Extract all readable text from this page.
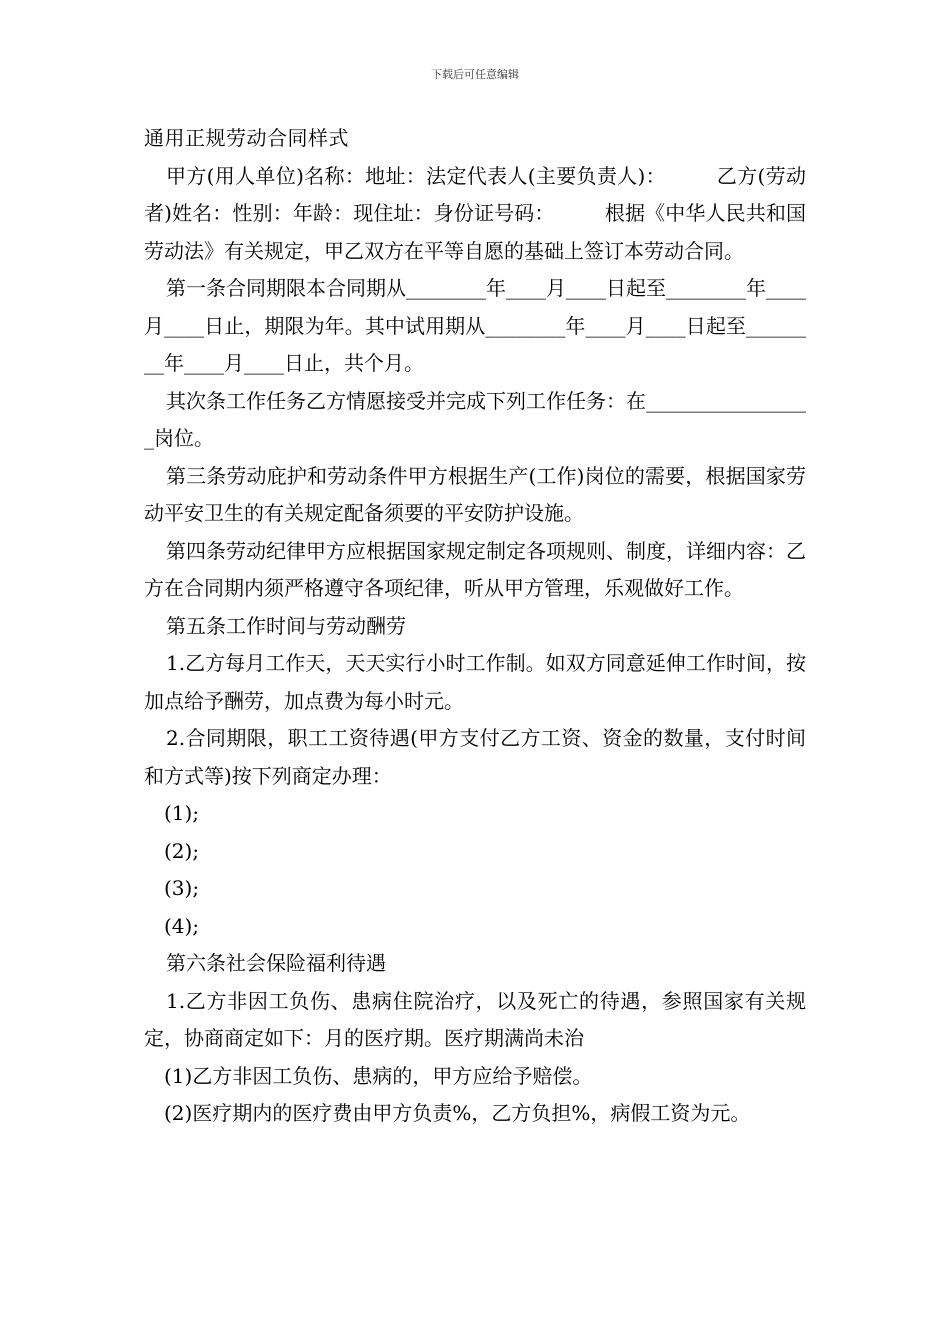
下载后可任意编辑

通用正规劳动合同样式

甲方(用人单位)名称：地址：法定代表人(主要负责人)：　　　乙方(劳动者)姓名：性别：年龄：现住址：身份证号码：　　　根据《中华人民共和国劳动法》有关规定，甲乙双方在平等自愿的基础上签订本劳动合同。

第一条合同期限本合同期从________年____月____日起至________年____月____日止，期限为年。其中试用期从________年____月____日起至________年____月____日止，共个月。

其次条工作任务乙方情愿接受并完成下列工作任务：在_________________岗位。

第三条劳动庇护和劳动条件甲方根据生产(工作)岗位的需要，根据国家劳动平安卫生的有关规定配备须要的平安防护设施。

第四条劳动纪律甲方应根据国家规定制定各项规则、制度，详细内容：乙方在合同期内须严格遵守各项纪律，听从甲方管理，乐观做好工作。

第五条工作时间与劳动酬劳

1.乙方每月工作天，天天实行小时工作制。如双方同意延伸工作时间，按加点给予酬劳，加点费为每小时元。

2.合同期限，职工工资待遇(甲方支付乙方工资、资金的数量，支付时间和方式等)按下列商定办理：

(1);

(2);

(3);

(4);

第六条社会保险福利待遇

1.乙方非因工负伤、患病住院治疗，以及死亡的待遇，参照国家有关规定，协商商定如下：月的医疗期。医疗期满尚未治

(1)乙方非因工负伤、患病的，甲方应给予赔偿。

(2)医疗期内的医疗费由甲方负责%，乙方负担%，病假工资为元。
